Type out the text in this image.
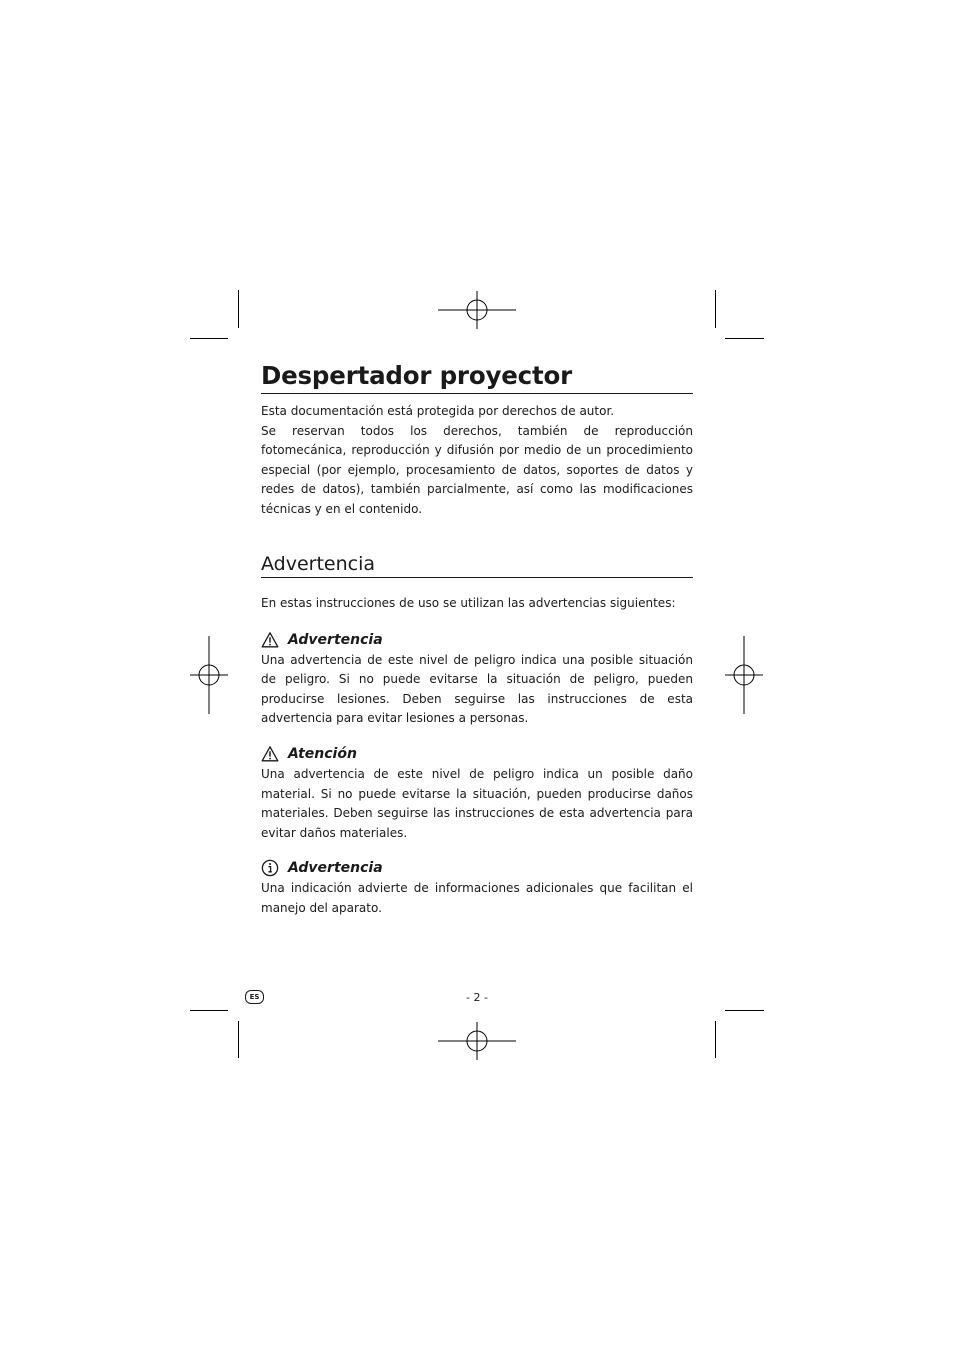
Despertador proyector

Esta documentación está protegida por derechos de autor.

Se reservan todos los derechos, también de reproducción fotomecánica, reproducción y difusión por medio de un procedimiento especial (por ejemplo, procesamiento de datos, soportes de datos y redes de datos), también parcialmente, así como las modificaciones técnicas y en el contenido.

Advertencia

En estas instrucciones de uso se utilizan las advertencias siguientes:

Advertencia

Una advertencia de este nivel de peligro indica una posible situación de peligro. Si no puede evitarse la situación de peligro, pueden producirse lesiones. Deben seguirse las instrucciones de esta advertencia para evitar lesiones a personas.

Atención

Una advertencia de este nivel de peligro indica un posible daño material. Si no puede evitarse la situación, pueden producirse daños materiales. Deben seguirse las instrucciones de esta advertencia para evitar daños materiales.

Advertencia

Una indicación advierte de informaciones adicionales que facilitan el manejo del aparato.

ES	- 2 -
